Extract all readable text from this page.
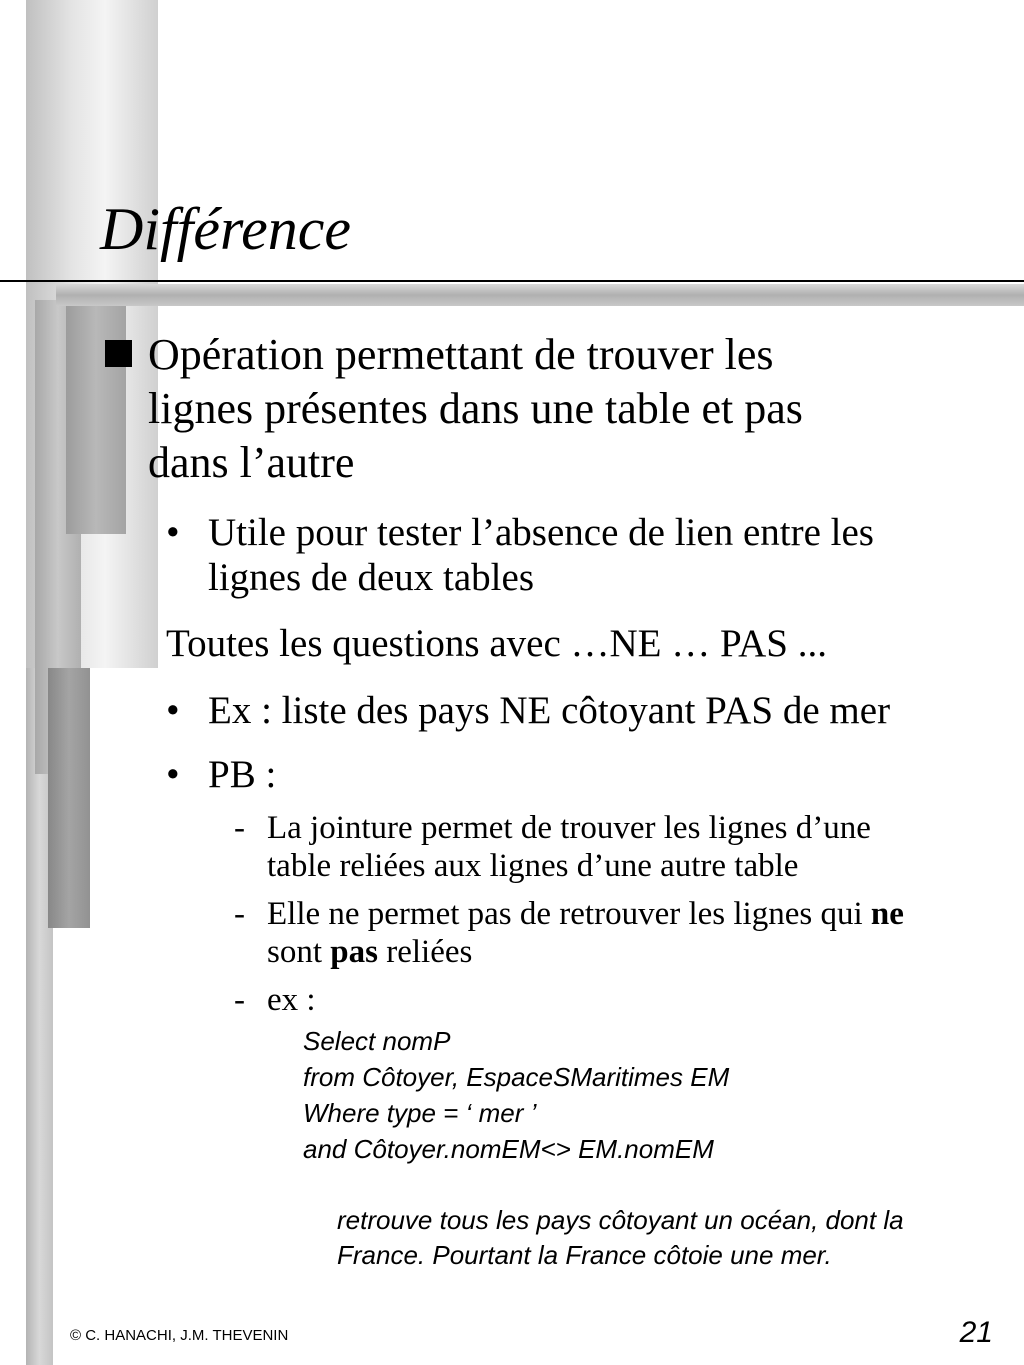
Différence

Opération permettant de trouver les

lignes présentes dans une table et pas

dans l’autre

• Utile pour tester l’absence de lien entre les

lignes de deux tables

Toutes les questions avec …NE … PAS ...

• Ex : liste des pays NE côtoyant PAS de mer

• PB :

- La jointure permet de trouver les lignes d’une

table reliées aux lignes d’une autre table

- Elle ne permet pas de retrouver les lignes qui ne

sont pas reliées

- ex :

Select nomP

from Côtoyer, EspaceSMaritimes EM

Where type = ‘ mer ’

and Côtoyer.nomEM<> EM.nomEM

retrouve tous les pays côtoyant un océan, dont la

France. Pourtant la France côtoie une mer.

© C. HANACHI, J.M. THEVENIN	21
